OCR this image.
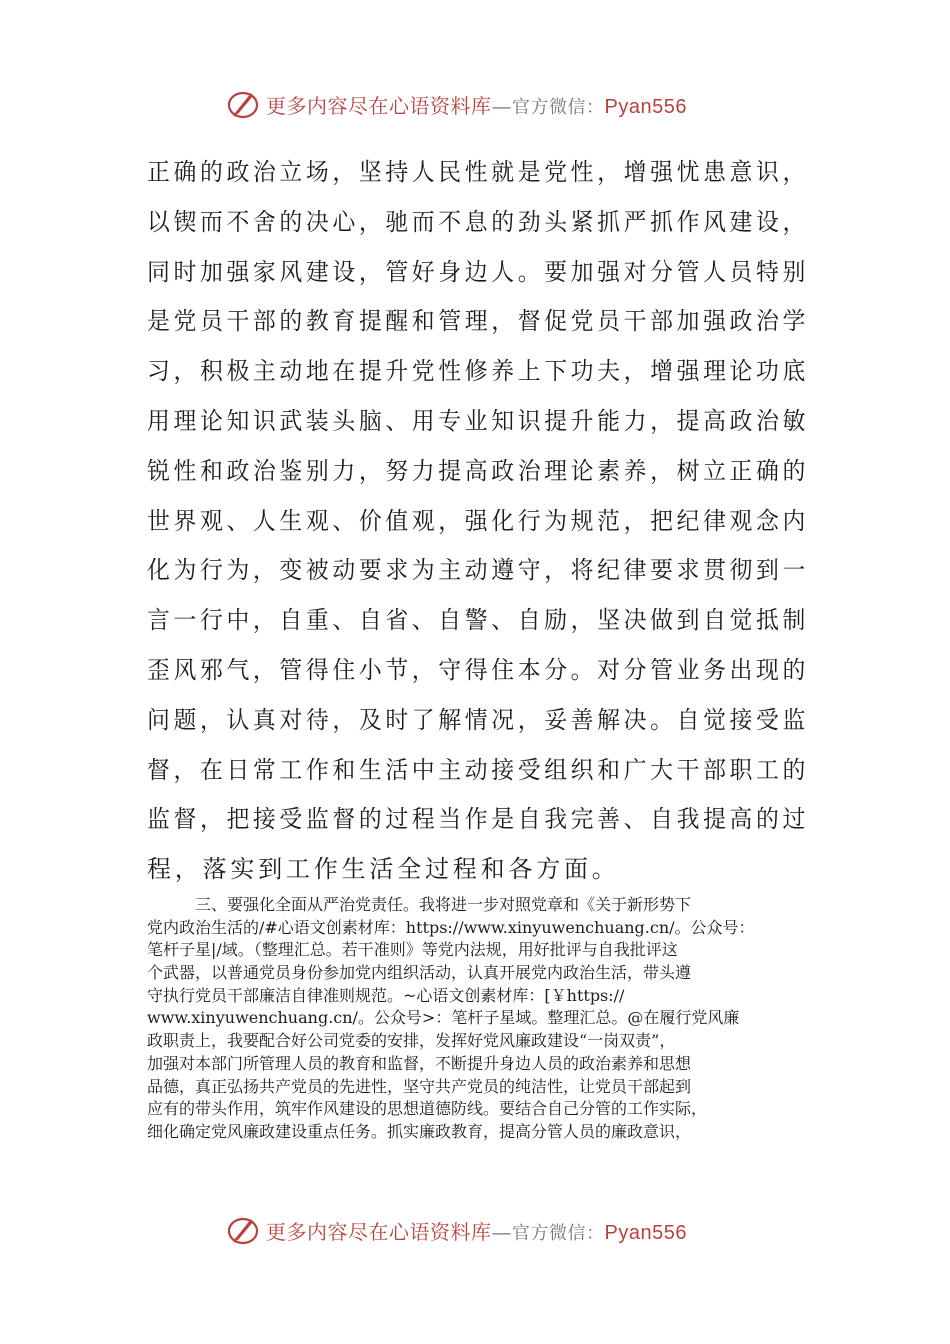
更多内容尽在心语资料库—官方微信：Pyan556
正确的政治立场，坚持人民性就是党性，增强忧患意识，
以锲而不舍的决心，驰而不息的劲头紧抓严抓作风建设，
同时加强家风建设，管好身边人。要加强对分管人员特别
是党员干部的教育提醒和管理，督促党员干部加强政治学
习，积极主动地在提升党性修养上下功夫，增强理论功底
用理论知识武装头脑、用专业知识提升能力，提高政治敏
锐性和政治鉴别力，努力提高政治理论素养，树立正确的
世界观、人生观、价值观，强化行为规范，把纪律观念内
化为行为，变被动要求为主动遵守，将纪律要求贯彻到一
言一行中，自重、自省、自警、自励，坚决做到自觉抵制
歪风邪气，管得住小节，守得住本分。对分管业务出现的
问题，认真对待，及时了解情况，妥善解决。自觉接受监
督，在日常工作和生活中主动接受组织和广大干部职工的
监督，把接受监督的过程当作是自我完善、自我提高的过
程，落实到工作生活全过程和各方面。
三、要强化全面从严治党责任。我将进一步对照党章和《关于新形势下
党内政治生活的/#心语文创素材库：https://www.xinyuwenchuang.cn/。公众号：
笔杆子星|/域。（整理汇总。若干准则》等党内法规，用好批评与自我批评这
个武器，以普通党员身份参加党内组织活动，认真开展党内政治生活，带头遵
守执行党员干部廉洁自律准则规范。~心语文创素材库：[￥https://
www.xinyuwenchuang.cn/。公众号>：笔杆子星域。整理汇总。@在履行党风廉
政职责上，我要配合好公司党委的安排，发挥好党风廉政建设“一岗双责”，
加强对本部门所管理人员的教育和监督，不断提升身边人员的政治素养和思想
品德，真正弘扬共产党员的先进性，坚守共产党员的纯洁性，让党员干部起到
应有的带头作用，筑牢作风建设的思想道德防线。要结合自己分管的工作实际，
细化确定党风廉政建设重点任务。抓实廉政教育，提高分管人员的廉政意识，
更多内容尽在心语资料库—官方微信：Pyan556
